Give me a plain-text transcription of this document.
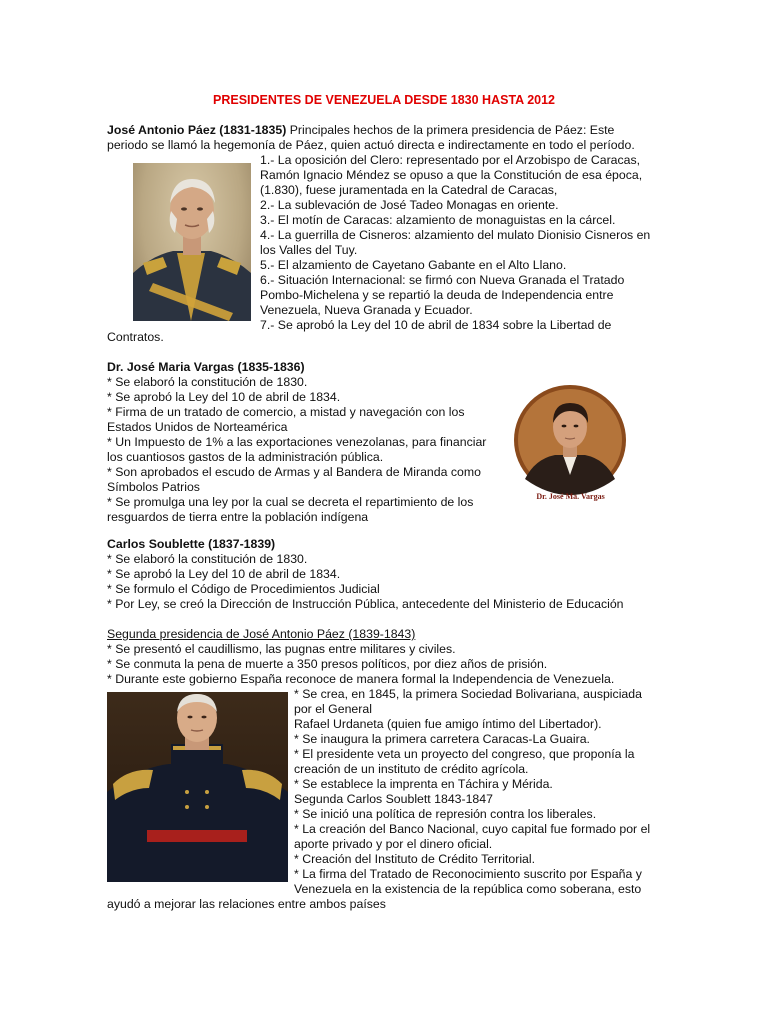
PRESIDENTES DE VENEZUELA DESDE 1830 HASTA 2012
José Antonio Páez (1831-1835) Principales hechos de la primera presidencia de Páez: Este
periodo se llamó la hegemonía de Páez, quien actuó directa e indirectamente en todo el período.
1.- La oposición del Clero: representado por el Arzobispo de Caracas,
Ramón Ignacio Méndez se opuso a que la Constitución de esa época,
(1.830), fuese juramentada en la Catedral de Caracas,
2.- La sublevación de José Tadeo Monagas en oriente.
3.- El motín de Caracas: alzamiento de monaguistas en la cárcel.
4.- La guerrilla de Cisneros: alzamiento del mulato Dionisio Cisneros en
los Valles del Tuy.
5.- El alzamiento de Cayetano Gabante en el Alto Llano.
6.- Situación Internacional: se firmó con Nueva Granada el Tratado
Pombo-Michelena y se repartió la deuda de Independencia entre
Venezuela, Nueva Granada y Ecuador.
7.- Se aprobó la Ley del 10 de abril de 1834 sobre la Libertad de
Contratos.
Dr. José Maria Vargas (1835-1836)
* Se elaboró la constitución de 1830.
* Se aprobó la Ley del 10 de abril de 1834.
* Firma de un tratado de comercio, a mistad y navegación con los
Estados Unidos de Norteamérica
* Un Impuesto de 1% a las exportaciones venezolanas, para financiar
los cuantiosos gastos de la administración pública.
* Son aprobados el escudo de Armas y al Bandera de Miranda como
Símbolos Patrios
* Se promulga una ley por la cual se decreta el repartimiento de los
resguardos de tierra entre la población indígena
Dr. José Ma. Vargas
Carlos Soublette (1837-1839)
* Se elaboró la constitución de 1830.
* Se aprobó la Ley del 10 de abril de 1834.
* Se formulo el Código de Procedimientos Judicial
* Por Ley, se creó la Dirección de Instrucción Pública, antecedente del Ministerio de Educación
Segunda presidencia de José Antonio Páez (1839-1843)
* Se presentó el caudillismo, las pugnas entre militares y civiles.
* Se conmuta la pena de muerte a 350 presos políticos, por diez años de prisión.
* Durante este gobierno España reconoce de manera formal la Independencia de Venezuela.
* Se crea, en 1845, la primera Sociedad Bolivariana, auspiciada
por el General
Rafael Urdaneta (quien fue amigo íntimo del Libertador).
* Se inaugura la primera carretera Caracas-La Guaira.
* El presidente veta un proyecto del congreso, que proponía la
creación de un instituto de crédito agrícola.
* Se establece la imprenta en Táchira y Mérida.
Segunda Carlos Soublett 1843-1847
* Se inició una política de represión contra los liberales.
* La creación del Banco Nacional, cuyo capital fue formado por el
aporte privado y por el dinero oficial.
* Creación del Instituto de Crédito Territorial.
* La firma del Tratado de Reconocimiento suscrito por España y
Venezuela en la existencia de la república como soberana, esto
ayudó a mejorar las relaciones entre ambos países
